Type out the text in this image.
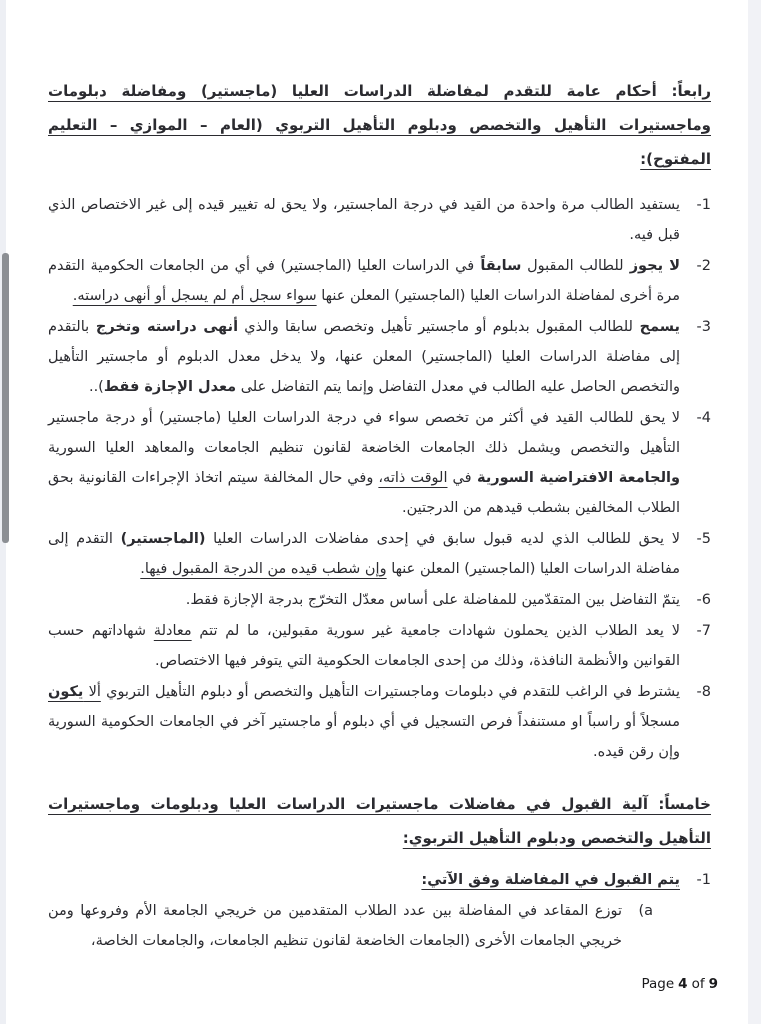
رابعاً: أحكام عامة للتقدم لمفاضلة الدراسات العليا (ماجستير) ومفاضلة دبلومات وماجستيرات التأهيل والتخصص ودبلوم التأهيل التربوي (العام – الموازي – التعليم المفتوح):
1-

يستفيد الطالب مرة واحدة من القيد في درجة الماجستير، ولا يحق له تغيير قيده إلى غير الاختصاص الذي قبل فيه.

2-

لا يجوز للطالب المقبول سابقاً في الدراسات العليا (الماجستير) في أي من الجامعات الحكومية التقدم مرة أخرى لمفاضلة الدراسات العليا (الماجستير) المعلن عنها سواء سجل أم لم يسجل أو أنهى دراسته.

3-

يسمح للطالب المقبول بدبلوم أو ماجستير تأهيل وتخصص سابقا والذي أنهى دراسته وتخرج بالتقدم إلى مفاضلة الدراسات العليا (الماجستير) المعلن عنها، ولا يدخل معدل الدبلوم أو ماجستير التأهيل والتخصص الحاصل عليه الطالب في معدل التفاضل وإنما يتم التفاضل على معدل الإجازة فقط)..

4-

لا يحق للطالب القيد في أكثر من تخصص سواء في درجة الدراسات العليا (ماجستير) أو درجة ماجستير التأهيل والتخصص ويشمل ذلك الجامعات الخاضعة لقانون تنظيم الجامعات والمعاهد العليا السورية والجامعة الافتراضية السورية في الوقت ذاته، وفي حال المخالفة سيتم اتخاذ الإجراءات القانونية بحق الطلاب المخالفين بشطب قيدهم من الدرجتين.

5-

لا يحق للطالب الذي لديه قبول سابق في إحدى مفاضلات الدراسات العليا (الماجستير) التقدم إلى مفاضلة الدراسات العليا (الماجستير) المعلن عنها وإن شطب قيده من الدرجة المقبول فيها.

6-

يتمّ التفاضل بين المتقدّمين للمفاضلة على أساس معدّل التخرّج بدرجة الإجازة فقط.

7-

لا يعد الطلاب الذين يحملون شهادات جامعية غير سورية مقبولين، ما لم تتم معادلة شهاداتهم حسب القوانين والأنظمة النافذة، وذلك من إحدى الجامعات الحكومية التي يتوفر فيها الاختصاص.

8-

يشترط في الراغب للتقدم في دبلومات وماجستيرات التأهيل والتخصص أو دبلوم التأهيل التربوي ألا يكون مسجلاً أو راسباً او مستنفداً فرص التسجيل في أي دبلوم أو ماجستير آخر في الجامعات الحكومية السورية وإن رقن قيده.

خامساً: آلية القبول في مفاضلات ماجستيرات الدراسات العليا ودبلومات وماجستيرات التأهيل والتخصص ودبلوم التأهيل التربوي:
1-

يتم القبول في المفاضلة وفق الآتي:

a)

توزع المقاعد في المفاضلة بين عدد الطلاب المتقدمين من خريجي الجامعة الأم وفروعها ومن خريجي الجامعات الأخرى (الجامعات الخاضعة لقانون تنظيم الجامعات، والجامعات الخاصة،

Page 4 of 9
